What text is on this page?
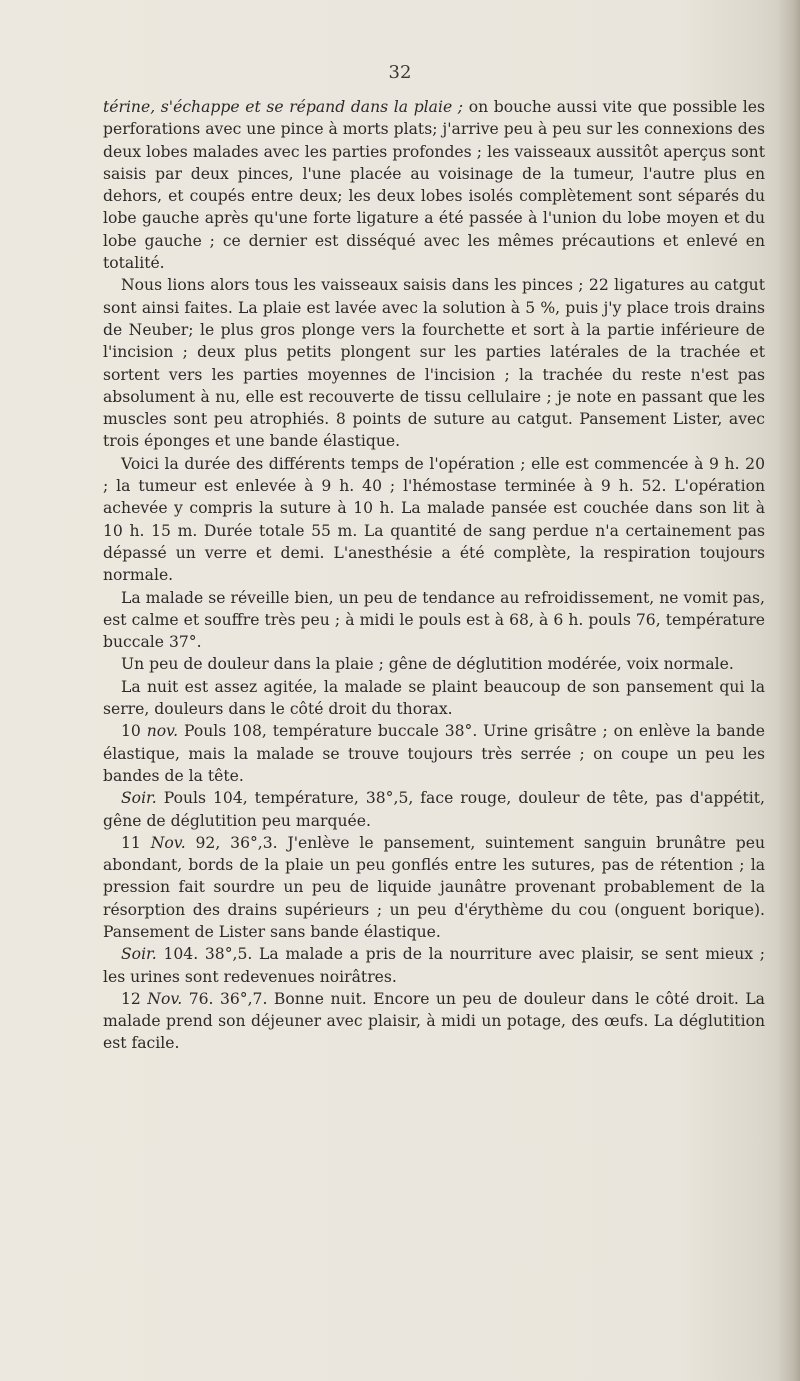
32

térine, s'échappe et se répand dans la plaie ; on bouche aussi vite que possible les perforations avec une pince à morts plats; j'arrive peu à peu sur les connexions des deux lobes malades avec les parties profondes ; les vaisseaux aussitôt aperçus sont saisis par deux pinces, l'une placée au voisinage de la tumeur, l'autre plus en dehors, et coupés entre deux; les deux lobes isolés complètement sont séparés du lobe gauche après qu'une forte ligature a été passée à l'union du lobe moyen et du lobe gauche ; ce dernier est disséqué avec les mêmes précautions et enlevé en totalité.

Nous lions alors tous les vaisseaux saisis dans les pinces ; 22 ligatures au catgut sont ainsi faites. La plaie est lavée avec la solution à 5 %, puis j'y place trois drains de Neuber; le plus gros plonge vers la fourchette et sort à la partie inférieure de l'incision ; deux plus petits plongent sur les parties latérales de la trachée et sortent vers les parties moyennes de l'incision ; la trachée du reste n'est pas absolument à nu, elle est recouverte de tissu cellulaire ; je note en passant que les muscles sont peu atrophiés. 8 points de suture au catgut. Pansement Lister, avec trois éponges et une bande élastique.

Voici la durée des différents temps de l'opération ; elle est commencée à 9 h. 20 ; la tumeur est enlevée à 9 h. 40 ; l'hémostase terminée à 9 h. 52. L'opération achevée y compris la suture à 10 h. La malade pansée est couchée dans son lit à 10 h. 15 m. Durée totale 55 m. La quantité de sang perdue n'a certainement pas dépassé un verre et demi. L'anesthésie a été complète, la respiration toujours normale.

La malade se réveille bien, un peu de tendance au refroidissement, ne vomit pas, est calme et souffre très peu ; à midi le pouls est à 68, à 6 h. pouls 76, température buccale 37°.

Un peu de douleur dans la plaie ; gêne de déglutition modérée, voix normale.

La nuit est assez agitée, la malade se plaint beaucoup de son pansement qui la serre, douleurs dans le côté droit du thorax.

10 nov. Pouls 108, température buccale 38°. Urine grisâtre ; on enlève la bande élastique, mais la malade se trouve toujours très serrée ; on coupe un peu les bandes de la tête.

Soir. Pouls 104, température, 38°,5, face rouge, douleur de tête, pas d'appétit, gêne de déglutition peu marquée.

11 Nov. 92, 36°,3. J'enlève le pansement, suintement sanguin brunâtre peu abondant, bords de la plaie un peu gonflés entre les sutures, pas de rétention ; la pression fait sourdre un peu de liquide jaunâtre provenant probablement de la résorption des drains supérieurs ; un peu d'érythème du cou (onguent borique). Pansement de Lister sans bande élastique.

Soir. 104. 38°,5. La malade a pris de la nourriture avec plaisir, se sent mieux ; les urines sont redevenues noirâtres.

12 Nov. 76. 36°,7. Bonne nuit. Encore un peu de douleur dans le côté droit. La malade prend son déjeuner avec plaisir, à midi un potage, des œufs. La déglutition est facile.
